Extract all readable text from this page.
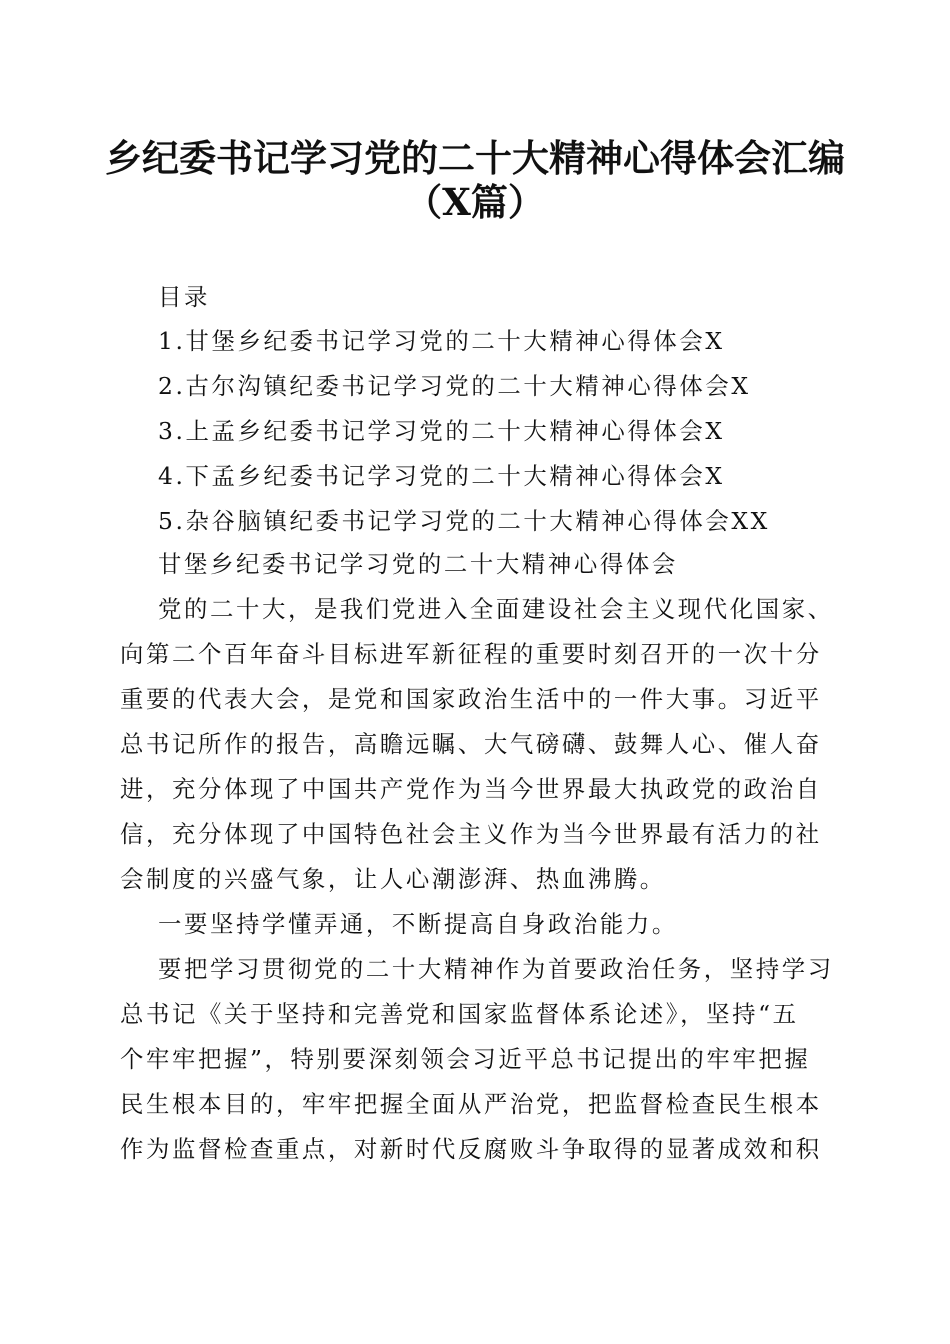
乡纪委书记学习党的二十大精神心得体会汇编
（X篇）

目录

1.甘堡乡纪委书记学习党的二十大精神心得体会X

2.古尔沟镇纪委书记学习党的二十大精神心得体会X

3.上孟乡纪委书记学习党的二十大精神心得体会X

4.下孟乡纪委书记学习党的二十大精神心得体会X

5.杂谷脑镇纪委书记学习党的二十大精神心得体会XX

甘堡乡纪委书记学习党的二十大精神心得体会

党的二十大，是我们党进入全面建设社会主义现代化国家、

向第二个百年奋斗目标进军新征程的重要时刻召开的一次十分

重要的代表大会，是党和国家政治生活中的一件大事。习近平

总书记所作的报告，高瞻远瞩、大气磅礴、鼓舞人心、催人奋

进，充分体现了中国共产党作为当今世界最大执政党的政治自

信，充分体现了中国特色社会主义作为当今世界最有活力的社

会制度的兴盛气象，让人心潮澎湃、热血沸腾。

一要坚持学懂弄通，不断提高自身政治能力。

要把学习贯彻党的二十大精神作为首要政治任务，坚持学习

总书记《关于坚持和完善党和国家监督体系论述》，坚持“五

个牢牢把握”，特别要深刻领会习近平总书记提出的牢牢把握

民生根本目的，牢牢把握全面从严治党，把监督检查民生根本

作为监督检查重点，对新时代反腐败斗争取得的显著成效和积
